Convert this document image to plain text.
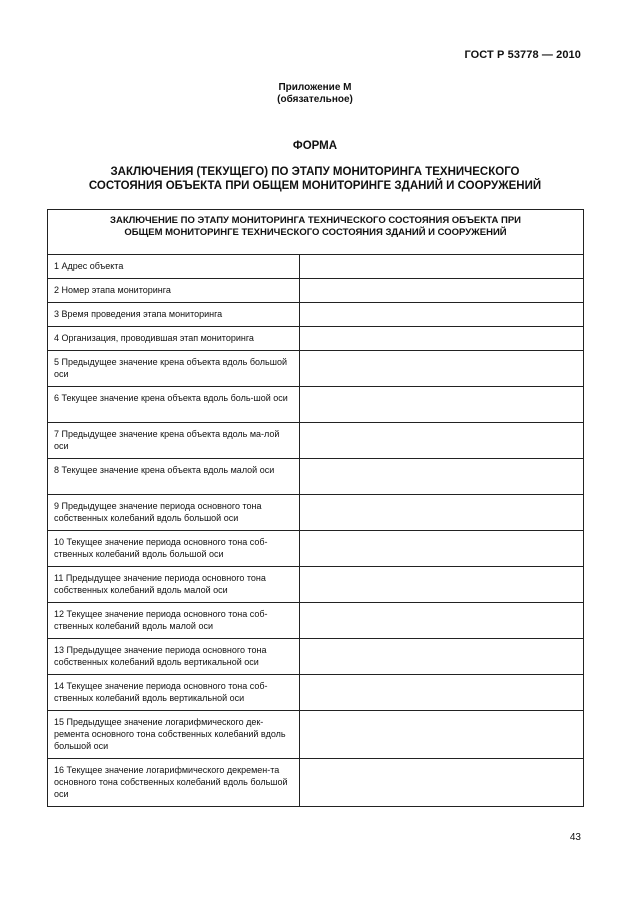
ГОСТ Р 53778 — 2010
Приложение М
(обязательное)
ФОРМА
ЗАКЛЮЧЕНИЯ (ТЕКУЩЕГО) ПО ЭТАПУ МОНИТОРИНГА ТЕХНИЧЕСКОГО
СОСТОЯНИЯ ОБЪЕКТА ПРИ ОБЩЕМ МОНИТОРИНГЕ ЗДАНИЙ И СООРУЖЕНИЙ
ЗАКЛЮЧЕНИЕ ПО ЭТАПУ МОНИТОРИНГА ТЕХНИЧЕСКОГО СОСТОЯНИЯ ОБЪЕКТА ПРИ ОБЩЕМ МОНИТОРИНГЕ ТЕХНИЧЕСКОГО СОСТОЯНИЯ ЗДАНИЙ И СООРУЖЕНИЙ	
1 Адрес объекта	
2 Номер этапа мониторинга	
3 Время проведения этапа мониторинга	
4 Организация, проводившая этап мониторинга	
5 Предыдущее значение крена объекта вдоль большой оси	
6 Текущее значение крена объекта вдоль боль-шой оси	
7 Предыдущее значение крена объекта вдоль ма-лой оси	
8 Текущее значение крена объекта вдоль малой оси	
9 Предыдущее значение периода основного тона собственных колебаний вдоль большой оси	
10 Текущее значение периода основного тона соб-ственных колебаний вдоль большой оси	
11 Предыдущее значение периода основного тона собственных колебаний вдоль малой оси	
12 Текущее значение периода основного тона соб-ственных колебаний вдоль малой оси	
13 Предыдущее значение периода основного тона собственных колебаний вдоль вертикальной оси	
14 Текущее значение периода основного тона соб-ственных колебаний вдоль вертикальной оси	
15 Предыдущее значение логарифмического дек-ремента основного тона собственных колебаний вдоль большой оси	
16 Текущее значение логарифмического декремен-та основного тона собственных колебаний вдоль большой оси	
43
